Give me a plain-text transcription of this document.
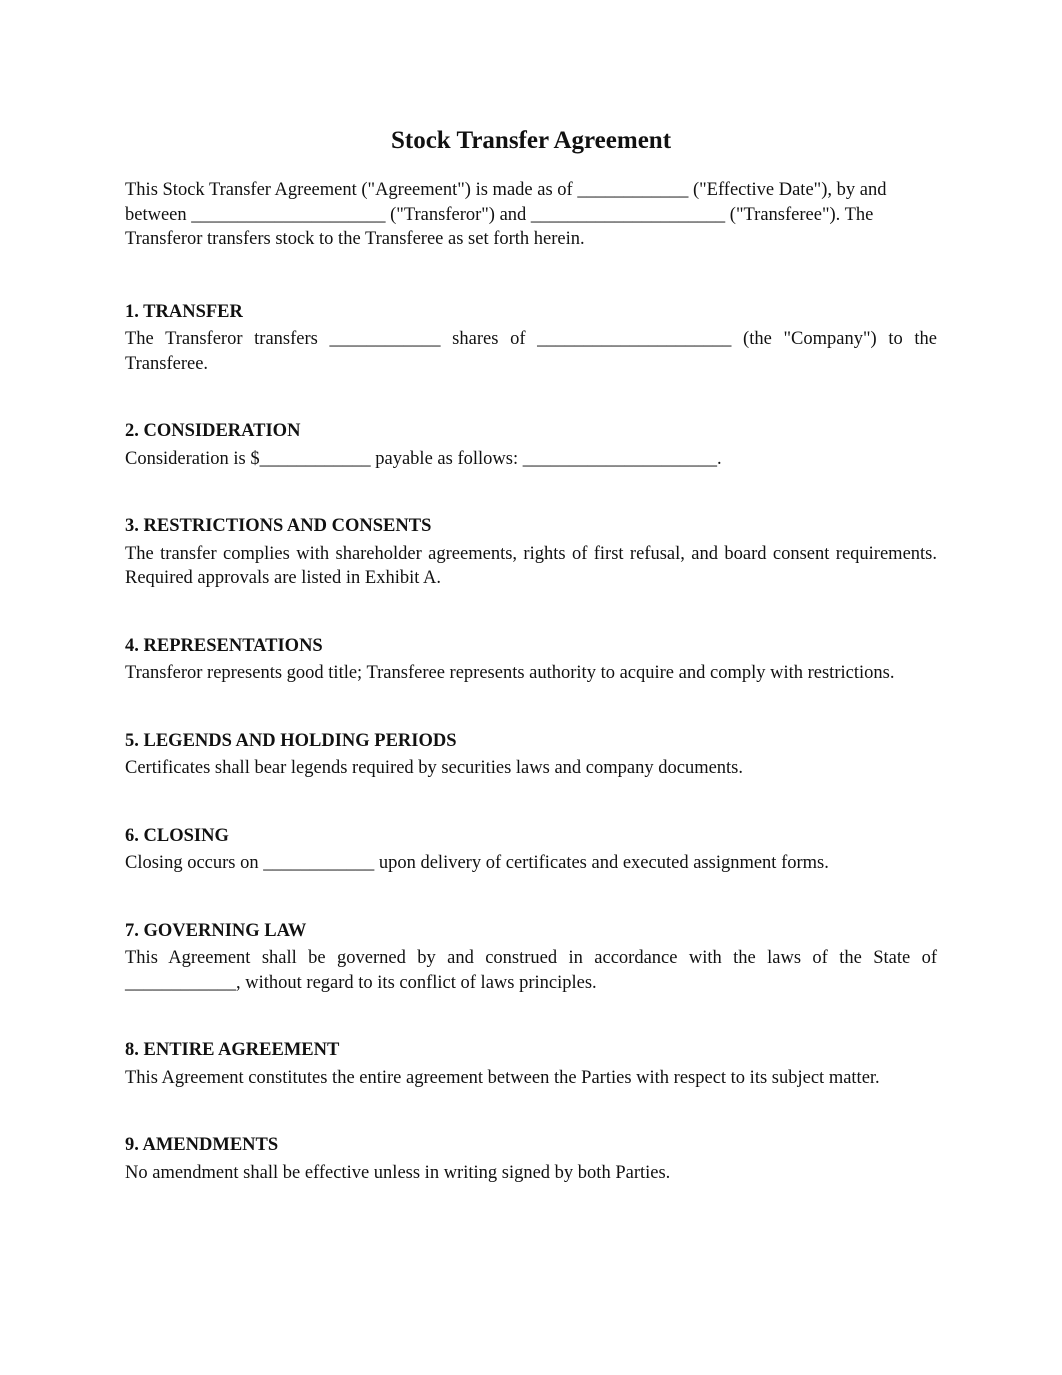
Stock Transfer Agreement

This Stock Transfer Agreement ("Agreement") is made as of ____________ ("Effective Date"), by and between _____________________ ("Transferor") and _____________________ ("Transferee"). The Transferor transfers stock to the Transferee as set forth herein.

1. TRANSFER

The Transferor transfers ____________ shares of _____________________ (the "Company") to the Transferee.

2. CONSIDERATION

Consideration is $____________ payable as follows: _____________________.

3. RESTRICTIONS AND CONSENTS

The transfer complies with shareholder agreements, rights of first refusal, and board consent requirements. Required approvals are listed in Exhibit A.

4. REPRESENTATIONS

Transferor represents good title; Transferee represents authority to acquire and comply with restrictions.

5. LEGENDS AND HOLDING PERIODS

Certificates shall bear legends required by securities laws and company documents.

6. CLOSING

Closing occurs on ____________ upon delivery of certificates and executed assignment forms.

7. GOVERNING LAW

This Agreement shall be governed by and construed in accordance with the laws of the State of ____________, without regard to its conflict of laws principles.

8. ENTIRE AGREEMENT

This Agreement constitutes the entire agreement between the Parties with respect to its subject matter.

9. AMENDMENTS

No amendment shall be effective unless in writing signed by both Parties.
